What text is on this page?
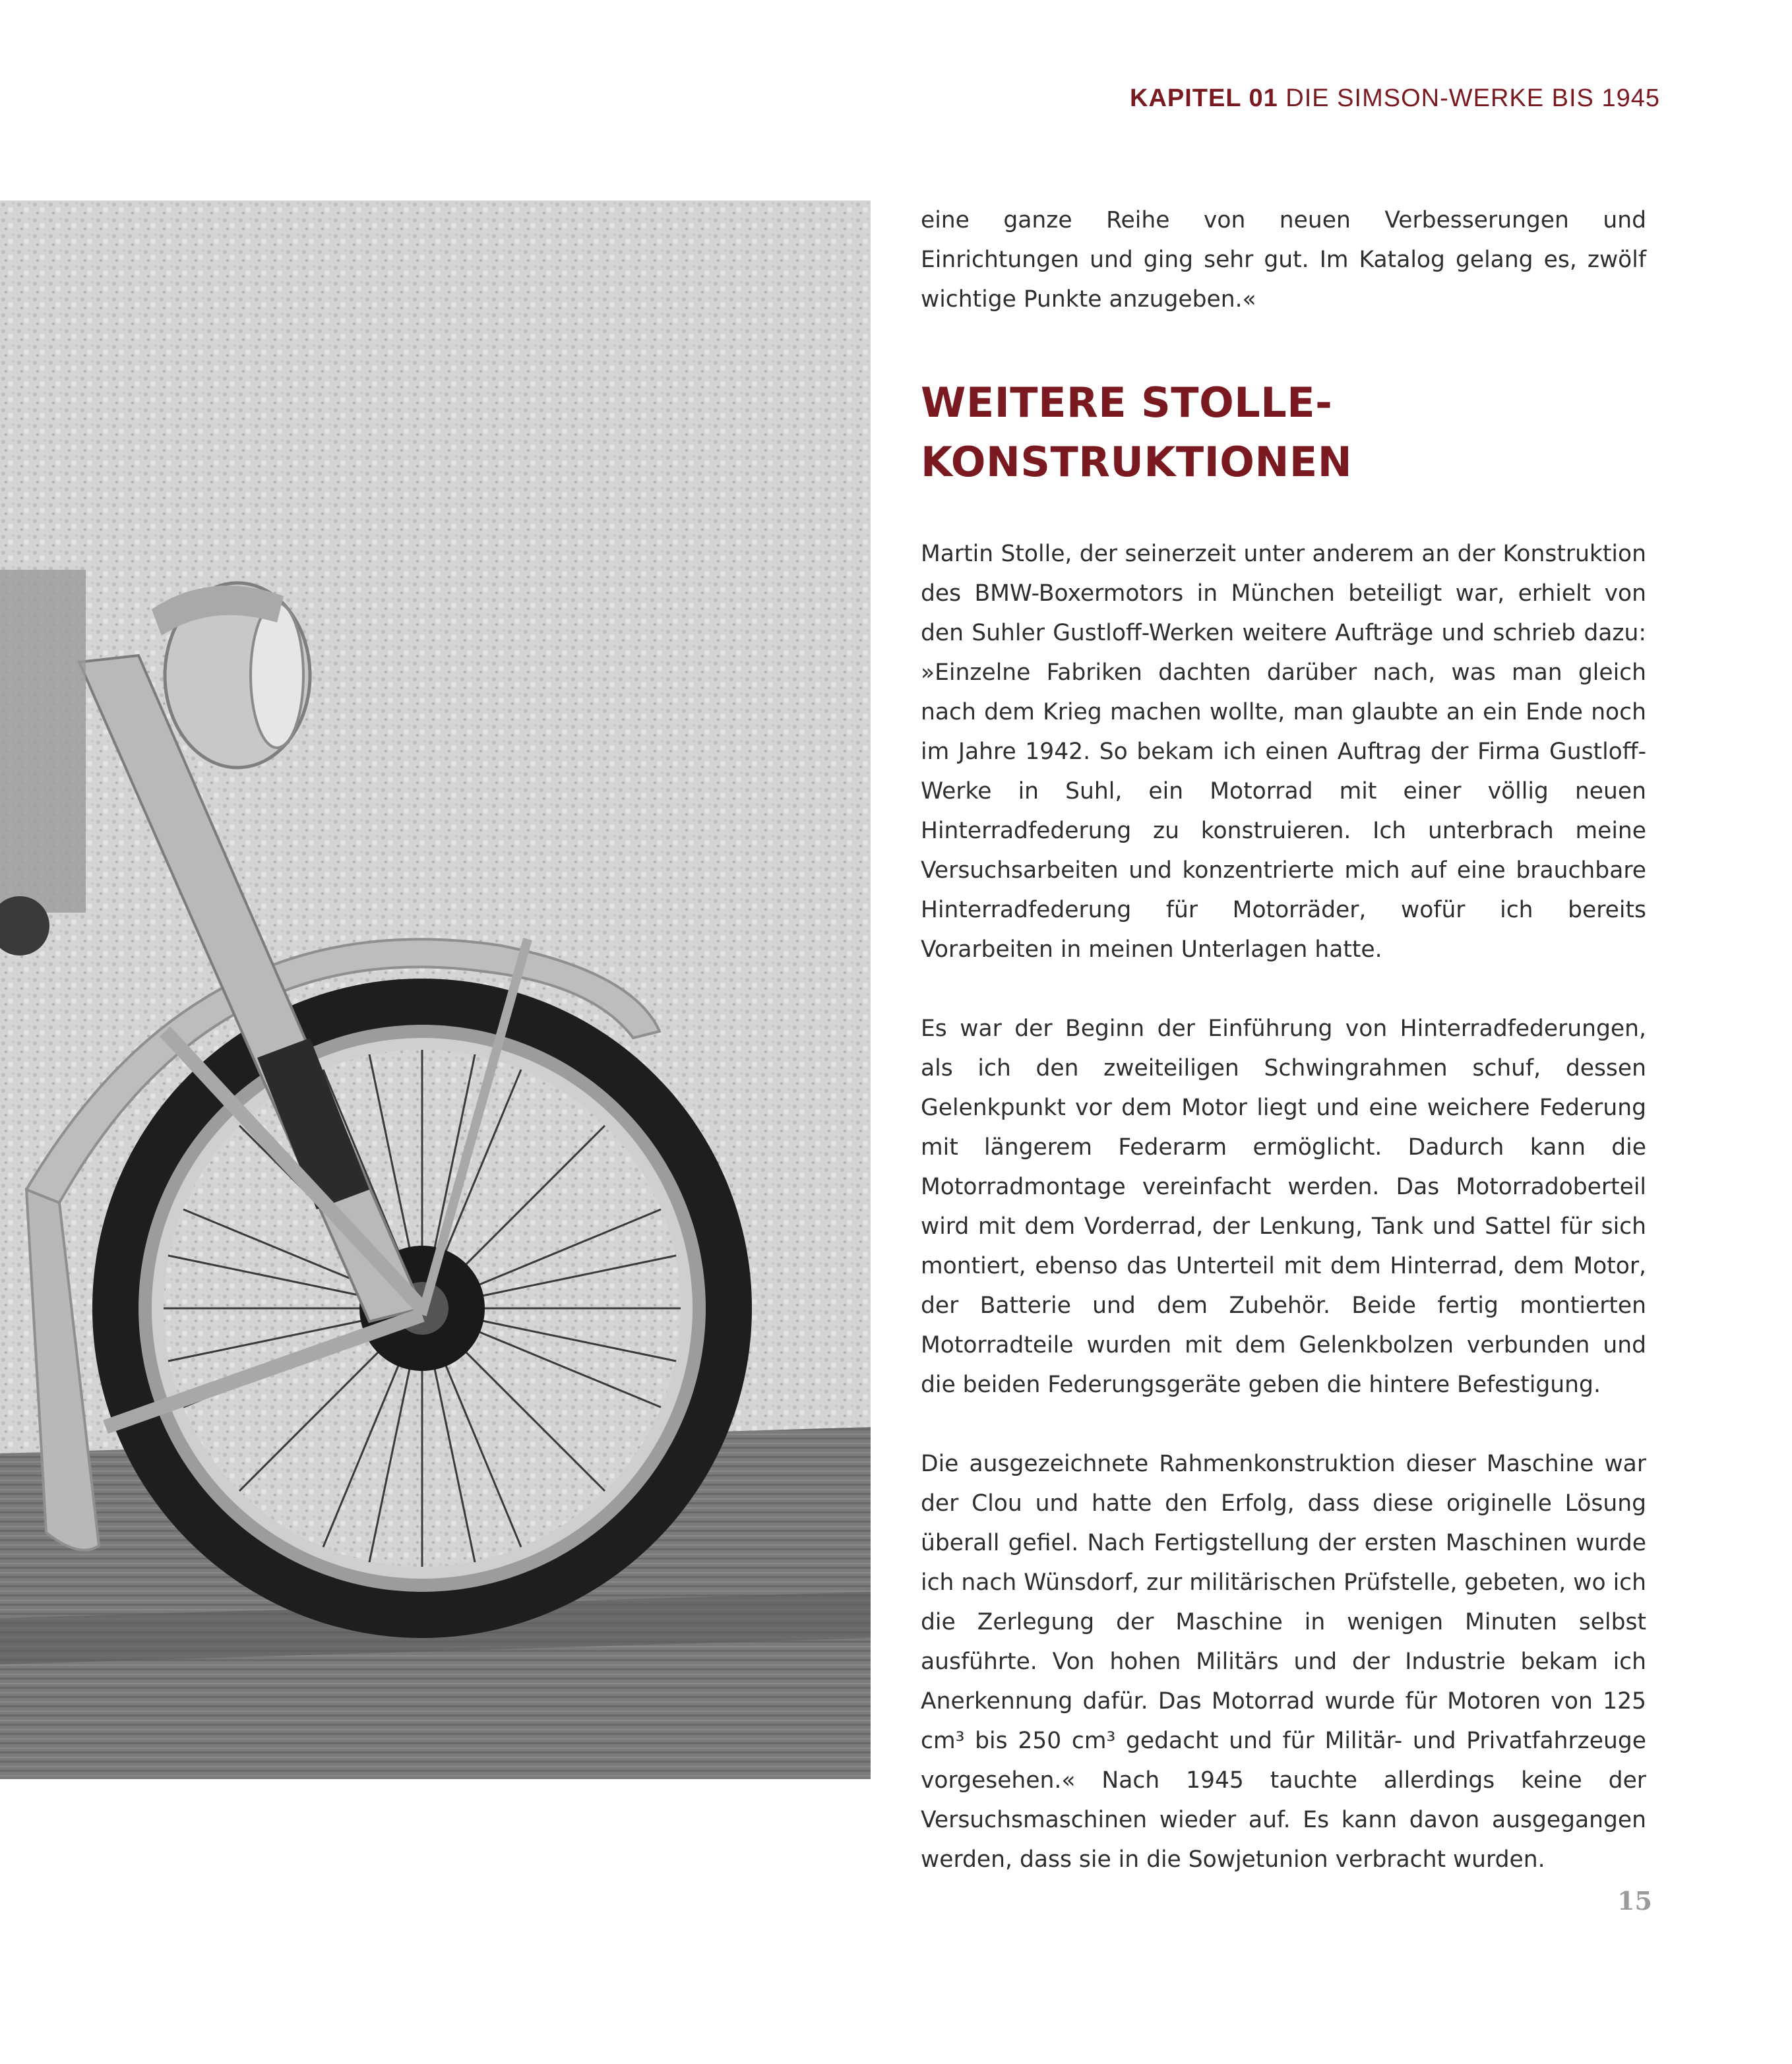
KAPITEL 01 DIE SIMSON-WERKE BIS 1945

eine ganze Reihe von neuen Verbesserungen und Einrichtungen und ging sehr gut. Im Katalog gelang es, zwölf wichtige Punkte anzugeben.«

WEITERE STOLLE-KONSTRUKTIONEN

Martin Stolle, der seinerzeit unter anderem an der Konstruktion des BMW-Boxermotors in München beteiligt war, erhielt von den Suhler Gustloff-Werken weitere Aufträge und schrieb dazu: »Einzelne Fabriken dachten darüber nach, was man gleich nach dem Krieg machen wollte, man glaubte an ein Ende noch im Jahre 1942. So bekam ich einen Auftrag der Firma Gustloff-Werke in Suhl, ein Motorrad mit einer völlig neuen Hinterradfederung zu konstruieren. Ich unterbrach meine Versuchsarbeiten und konzentrierte mich auf eine brauchbare Hinterradfederung für Motorräder, wofür ich bereits Vorarbeiten in meinen Unterlagen hatte.

Es war der Beginn der Einführung von Hinterradfederungen, als ich den zweiteiligen Schwingrahmen schuf, dessen Gelenkpunkt vor dem Motor liegt und eine weichere Federung mit längerem Federarm ermöglicht. Dadurch kann die Motorradmontage vereinfacht werden. Das Motorradoberteil wird mit dem Vorderrad, der Lenkung, Tank und Sattel für sich montiert, ebenso das Unterteil mit dem Hinterrad, dem Motor, der Batterie und dem Zubehör. Beide fertig montierten Motorradteile wurden mit dem Gelenkbolzen verbunden und die beiden Federungsgeräte geben die hintere Befestigung.

Die ausgezeichnete Rahmenkonstruktion dieser Maschine war der Clou und hatte den Erfolg, dass diese originelle Lösung überall gefiel. Nach Fertigstellung der ersten Maschinen wurde ich nach Wünsdorf, zur militärischen Prüfstelle, gebeten, wo ich die Zerlegung der Maschine in wenigen Minuten selbst ausführte. Von hohen Militärs und der Industrie bekam ich Anerkennung dafür. Das Motorrad wurde für Motoren von 125 cm³ bis 250 cm³ gedacht und für Militär- und Privatfahrzeuge vorgesehen.« Nach 1945 tauchte allerdings keine der Versuchsmaschinen wieder auf. Es kann davon ausgegangen werden, dass sie in die Sowjetunion verbracht wurden.

15
